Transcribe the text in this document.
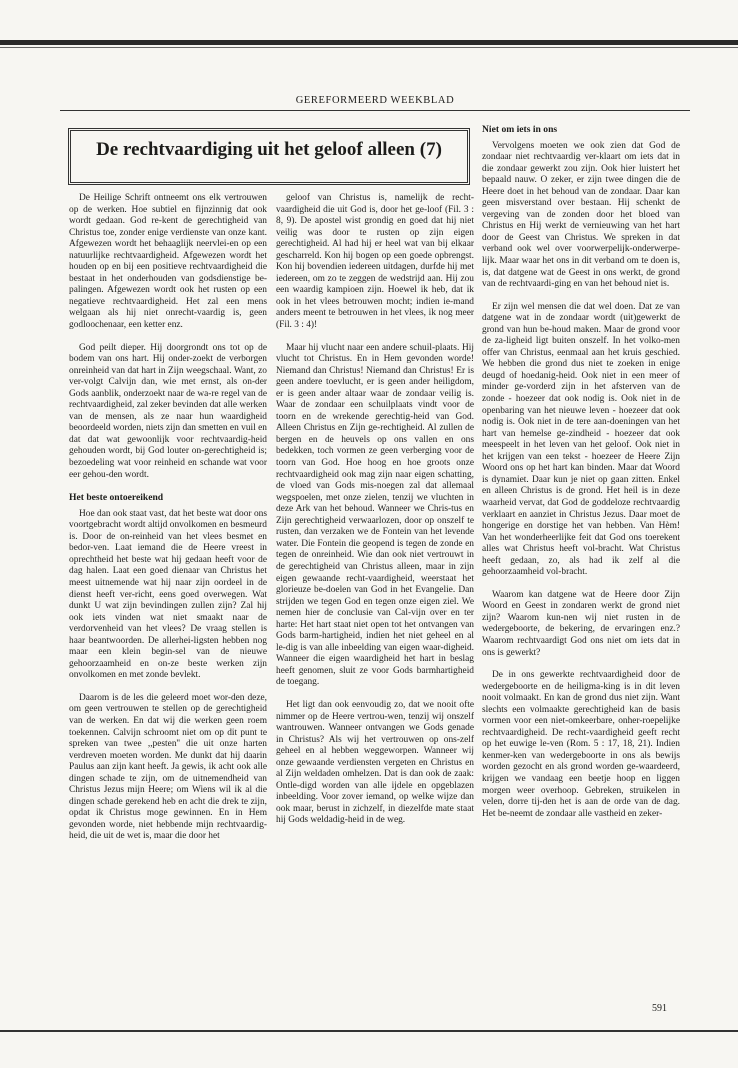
GEREFORMEERD WEEKBLAD
De rechtvaardiging uit het geloof alleen (7)

De Heilige Schrift ontneemt ons elk vertrouwen op de werken. Hoe subtiel en fijnzinnig dat ook wordt gedaan. God re-kent de gerechtigheid van Christus toe, zonder enige verdienste van onze kant. Afgewezen wordt het behaaglijk neervlei-en op een natuurlijke rechtvaardigheid. Afgewezen wordt het houden op en bij een positieve rechtvaardigheid die bestaat in het onderhouden van godsdienstige be-palingen. Afgewezen wordt ook het rusten op een negatieve rechtvaardigheid. Het zal een mens welgaan als hij niet onrecht-vaardig is, geen godloochenaar, een ketter enz.

God peilt dieper. Hij doorgrondt ons tot op de bodem van ons hart. Hij onder-zoekt de verborgen onreinheid van dat hart in Zijn weegschaal. Want, zo ver-volgt Calvijn dan, wie met ernst, als on-der Gods aanblik, onderzoekt naar de wa-re regel van de rechtvaardigheid, zal zeker bevinden dat alle werken van de mensen, als ze naar hun waardigheid beoordeeld worden, niets zijn dan smetten en vuil en dat dat wat gewoonlijk voor rechtvaardig-heid gehouden wordt, bij God louter on-gerechtigheid is; bezoedeling wat voor reinheid en schande wat voor eer gehou-den wordt.

Het beste ontoereikend

Hoe dan ook staat vast, dat het beste wat door ons voortgebracht wordt altijd onvolkomen en besmeurd is. Door de on-reinheid van het vlees besmet en bedor-ven. Laat iemand die de Heere vreest in oprechtheid het beste wat hij gedaan heeft voor de dag halen. Laat een goed dienaar van Christus het meest uitnemende wat hij naar zijn oordeel in de dienst heeft ver-richt, eens goed overwegen. Wat dunkt U wat zijn bevindingen zullen zijn? Zal hij ook iets vinden wat niet smaakt naar de verdorvenheid van het vlees? De vraag stellen is haar beantwoorden. De allerhei-ligsten hebben nog maar een klein begin-sel van de nieuwe gehoorzaamheid en on-ze beste werken zijn onvolkomen en met zonde bevlekt.

Daarom is de les die geleerd moet wor-den deze, om geen vertrouwen te stellen op de gerechtigheid van de werken. En dat wij die werken geen roem toekennen. Calvijn schroomt niet om op dit punt te spreken van twee ,,pesten'' die uit onze harten verdreven moeten worden. Me dunkt dat hij daarin Paulus aan zijn kant heeft. Ja gewis, ik acht ook alle dingen schade te zijn, om de uitnemendheid van Christus Jezus mijn Heere; om Wiens wil ik al die dingen schade gerekend heb en acht die drek te zijn, opdat ik Christus moge gewinnen. En in Hem gevonden worde, niet hebbende mijn rechtvaardig-heid, die uit de wet is, maar die door het

geloof van Christus is, namelijk de recht-vaardigheid die uit God is, door het ge-loof (Fil. 3 : 8, 9). De apostel wist grondig en goed dat hij niet veilig was door te rusten op zijn eigen gerechtigheid. Al had hij er heel wat van bij elkaar gescharreld. Kon hij bogen op een goede opbrengst. Kon hij bovendien iedereen uitdagen, durfde hij met iedereen, om zo te zeggen de wedstrijd aan. Hij zou een waardig kampioen zijn. Hoewel ik heb, dat ik ook in het vlees betrouwen mocht; indien ie-mand anders meent te betrouwen in het vlees, ik nog meer (Fil. 3 : 4)!

Maar hij vlucht naar een andere schuil-plaats. Hij vlucht tot Christus. En in Hem gevonden worde! Niemand dan Christus! Niemand dan Christus! Er is geen andere toevlucht, er is geen ander heiligdom, er is geen ander altaar waar de zondaar veilig is. Waar de zondaar een schuilplaats vindt voor de toorn en de wrekende gerechtig-heid van God. Alleen Christus en Zijn ge-rechtigheid. Al zullen de bergen en de heuvels op ons vallen en ons bedekken, toch vormen ze geen verberging voor de toorn van God. Hoe hoog en hoe groots onze rechtvaardigheid ook mag zijn naar eigen schatting, de vloed van Gods mis-noegen zal dat allemaal wegspoelen, met onze zielen, tenzij we vluchten in deze Ark van het behoud. Wanneer we Chris-tus en Zijn gerechtigheid verwaarlozen, door op onszelf te rusten, dan verzaken we de Fontein van het levende water. Die Fontein die geopend is tegen de zonde en tegen de onreinheid. Wie dan ook niet vertrouwt in de gerechtigheid van Christus alleen, maar in zijn eigen gewaande recht-vaardigheid, weerstaat het glorieuze be-doelen van God in het Evangelie. Dan strijden we tegen God en tegen onze eigen ziel. We nemen hier de conclusie van Cal-vijn over en ter harte: Het hart staat niet open tot het ontvangen van Gods barm-hartigheid, indien het niet geheel en al le-dig is van alle inbeelding van eigen waar-digheid. Wanneer die eigen waardigheid het hart in beslag heeft genomen, sluit ze voor Gods barmhartigheid de toegang.

Het ligt dan ook eenvoudig zo, dat we nooit ofte nimmer op de Heere vertrou-wen, tenzij wij onszelf wantrouwen. Wanneer ontvangen we Gods genade in Christus? Als wij het vertrouwen op ons-zelf geheel en al hebben weggeworpen. Wanneer wij onze gewaande verdiensten vergeten en Christus en al Zijn weldaden omhelzen. Dat is dan ook de zaak: Ontle-digd worden van alle ijdele en opgeblazen inbeelding. Voor zover iemand, op welke wijze dan ook maar, berust in zichzelf, in diezelfde mate staat hij Gods weldadig-heid in de weg.

Niet om iets in ons

Vervolgens moeten we ook zien dat God de zondaar niet rechtvaardig ver-klaart om iets dat in die zondaar gewerkt zou zijn. Ook hier luistert het bepaald nauw. O zeker, er zijn twee dingen die de Heere doet in het behoud van de zondaar. Daar kan geen misverstand over bestaan. Hij schenkt de vergeving van de zonden door het bloed van Christus en Hij werkt de vernieuwing van het hart door de Geest van Christus. We spreken in dat verband ook wel over voorwerpelijk-onderwerpe-lijk. Maar waar het ons in dit verband om te doen is, is, dat datgene wat de Geest in ons werkt, de grond van de rechtvaardi-ging en van het behoud niet is.

Er zijn wel mensen die dat wel doen. Dat ze van datgene wat in de zondaar wordt (uit)gewerkt de grond van hun be-houd maken. Maar de grond voor de za-ligheid ligt buiten onszelf. In het volko-men offer van Christus, eenmaal aan het kruis geschied. We hebben die grond dus niet te zoeken in enige deugd of hoedanig-heid. Ook niet in een meer of minder ge-vorderd zijn in het afsterven van de zonde - hoezeer dat ook nodig is. Ook niet in de openbaring van het nieuwe leven - hoezeer dat ook nodig is. Ook niet in de tere aan-doeningen van het hart van hemelse ge-zindheid - hoezeer dat ook meespeelt in het leven van het geloof. Ook niet in het krijgen van een tekst - hoezeer de Heere Zijn Woord ons op het hart kan binden. Maar dat Woord is dynamiet. Daar kun je niet op gaan zitten. Enkel en alleen Christus is de grond. Het heil is in deze waarheid vervat, dat God de goddeloze rechtvaardig verklaart en aanziet in Christus Jezus. Daar moet de hongerige en dorstige het van hebben. Van Hèm! Van het wonderheerlijke feit dat God ons toerekent alles wat Christus heeft vol-bracht. Wat Christus heeft gedaan, zo, als had ik zelf al die gehoorzaamheid vol-bracht.

Waarom kan datgene wat de Heere door Zijn Woord en Geest in zondaren werkt de grond niet zijn? Waarom kun-nen wij niet rusten in de wedergeboorte, de bekering, de ervaringen enz.? Waarom rechtvaardigt God ons niet om iets dat in ons is gewerkt?

De in ons gewerkte rechtvaardigheid door de wedergeboorte en de heiligma-king is in dit leven nooit volmaakt. En kan de grond dus niet zijn. Want slechts een volmaakte gerechtigheid kan de basis vormen voor een niet-omkeerbare, onher-roepelijke rechtvaardigheid. De recht-vaardigheid geeft recht op het euwige le-ven (Rom. 5 : 17, 18, 21). Indien kenmer-ken van wedergeboorte in ons als bewijs worden gezocht en als grond worden ge-waardeerd, krijgen we vandaag een beetje hoop en liggen morgen weer overhoop. Gebreken, struikelen in velen, dorre tij-den het is aan de orde van de dag. Het be-neemt de zondaar alle vastheid en zeker-

591
